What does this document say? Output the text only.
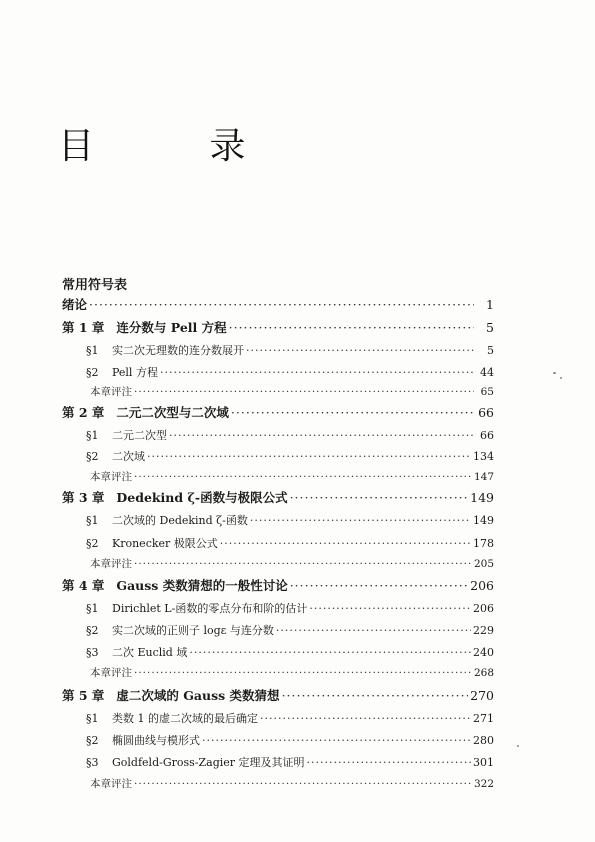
目 录
常用符号表
绪论 ·····	1
第 1 章 连分数与 Pell 方程 ·····	5
§1 实二次无理数的连分数展开 ·····	5
§2 Pell 方程 ·····	44
本章评注 ·····	65
第 2 章 二元二次型与二次域 ·····	66
§1 二元二次型 ·····	66
§2 二次域 ·····	134
本章评注 ·····	147
第 3 章 Dedekind ζ-函数与极限公式 ·····	149
§1 二次域的 Dedekind ζ-函数 ·····	149
§2 Kronecker 极限公式 ·····	178
本章评注 ·····	205
第 4 章 Gauss 类数猜想的一般性讨论 ·····	206
§1 Dirichlet L-函数的零点分布和阶的估计 ·····	206
§2 实二次域的正则子 logε 与连分数 ·····	229
§3 二次 Euclid 域 ·····	240
本章评注 ·····	268
第 5 章 虚二次域的 Gauss 类数猜想 ·····	270
§1 类数 1 的虚二次域的最后确定 ·····	271
§2 椭圆曲线与模形式 ·····	280
§3 Goldfeld-Gross-Zagier 定理及其证明 ·····	301
本章评注 ·····	322
